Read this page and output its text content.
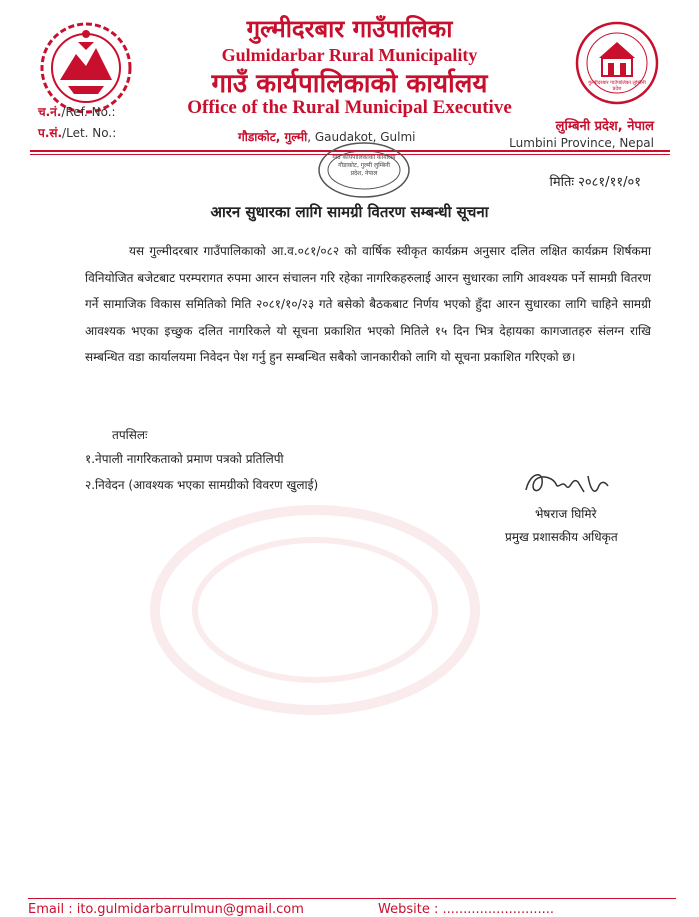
गुल्मीदरबार गाउँपालिका लुम्बिनी प्रदेश
गुल्मीदरबार गाउँपालिका
Gulmidarbar Rural Municipality
गाउँ कार्यपालिकाको कार्यालय
Office of the Rural Municipal Executive
गौडाकोट, गुल्मी, Gaudakot, Gulmi
च.नं./Ref. No.:
प.सं./Let. No.:	लुम्बिनी प्रदेश, नेपाल
Lumbini Province, Nepal
गाउँ कार्यपालिकाको कार्यालय गौडाकोट, गुल्मी लुम्बिनी प्रदेश, नेपाल
मितिः २०८१/११/०१
आरन सुधारका लागि सामग्री वितरण सम्बन्धी सूचना
यस गुल्मीदरबार गाउँपालिकाको आ.व.०८१/०८२ को वार्षिक स्वीकृत कार्यक्रम अनुसार दलित लक्षित कार्यक्रम शिर्षकमा विनियोजित बजेटबाट परम्परागत रुपमा आरन संचालन गरि रहेका नागरिकहरुलाई आरन सुधारका लागि आवश्यक पर्ने सामग्री वितरण गर्ने सामाजिक विकास समितिको मिति २०८१/१०/२३ गते बसेको बैठकबाट निर्णय भएको हुँदा आरन सुधारका लागि चाहिने सामग्री आवश्यक भएका इच्छुक दलित नागरिकले यो सूचना प्रकाशित भएको मितिले १५ दिन भित्र देहायका कागजातहरु संलग्न राखि सम्बन्धित वडा कार्यालयमा निवेदन पेश गर्नु हुन सम्बन्धित सबैको जानकारीको लागि यो सूचना प्रकाशित गरिएको छ।
तपसिलः
१.नेपाली नागरिकताको प्रमाण पत्रको प्रतिलिपी
२.निवेदन (आवश्यक भएका सामग्रीको विवरण खुलाई)
भेषराज घिमिरे
प्रमुख प्रशासकीय अधिकृत
Email : ito.gulmidarbarrulmun@gmail.com	Website : ...........................
